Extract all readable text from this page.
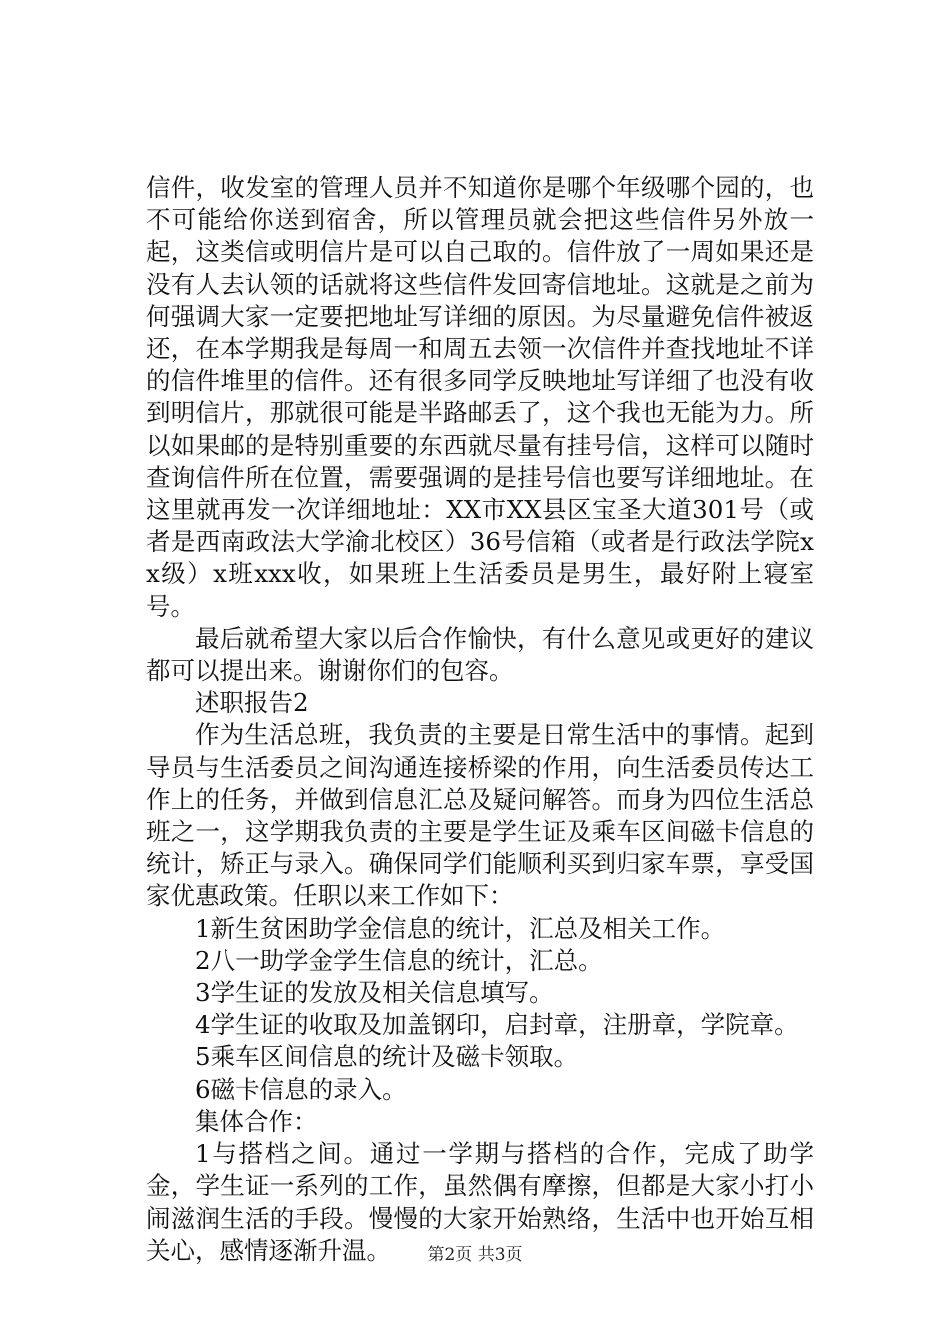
信件，收发室的管理人员并不知道你是哪个年级哪个园的，也不可能给你送到宿舍，所以管理员就会把这些信件另外放一起，这类信或明信片是可以自己取的。信件放了一周如果还是没有人去认领的话就将这些信件发回寄信地址。这就是之前为何强调大家一定要把地址写详细的原因。为尽量避免信件被返还，在本学期我是每周一和周五去领一次信件并查找地址不详的信件堆里的信件。还有很多同学反映地址写详细了也没有收到明信片，那就很可能是半路邮丢了，这个我也无能为力。所以如果邮的是特别重要的东西就尽量有挂号信，这样可以随时查询信件所在位置，需要强调的是挂号信也要写详细地址。在这里就再发一次详细地址：XX市XX县区宝圣大道301号（或者是西南政法大学渝北校区）36号信箱（或者是行政法学院xx级）x班xxx收，如果班上生活委员是男生，最好附上寝室号。

最后就希望大家以后合作愉快，有什么意见或更好的建议都可以提出来。谢谢你们的包容。

述职报告2

作为生活总班，我负责的主要是日常生活中的事情。起到导员与生活委员之间沟通连接桥梁的作用，向生活委员传达工作上的任务，并做到信息汇总及疑问解答。而身为四位生活总班之一，这学期我负责的主要是学生证及乘车区间磁卡信息的统计，矫正与录入。确保同学们能顺利买到归家车票，享受国家优惠政策。任职以来工作如下：

1新生贫困助学金信息的统计，汇总及相关工作。

2八一助学金学生信息的统计，汇总。

3学生证的发放及相关信息填写。

4学生证的收取及加盖钢印，启封章，注册章，学院章。

5乘车区间信息的统计及磁卡领取。

6磁卡信息的录入。

集体合作：

1与搭档之间。通过一学期与搭档的合作，完成了助学金，学生证一系列的工作，虽然偶有摩擦，但都是大家小打小闹滋润生活的手段。慢慢的大家开始熟络，生活中也开始互相关心，感情逐渐升温。	第2页 共3页
